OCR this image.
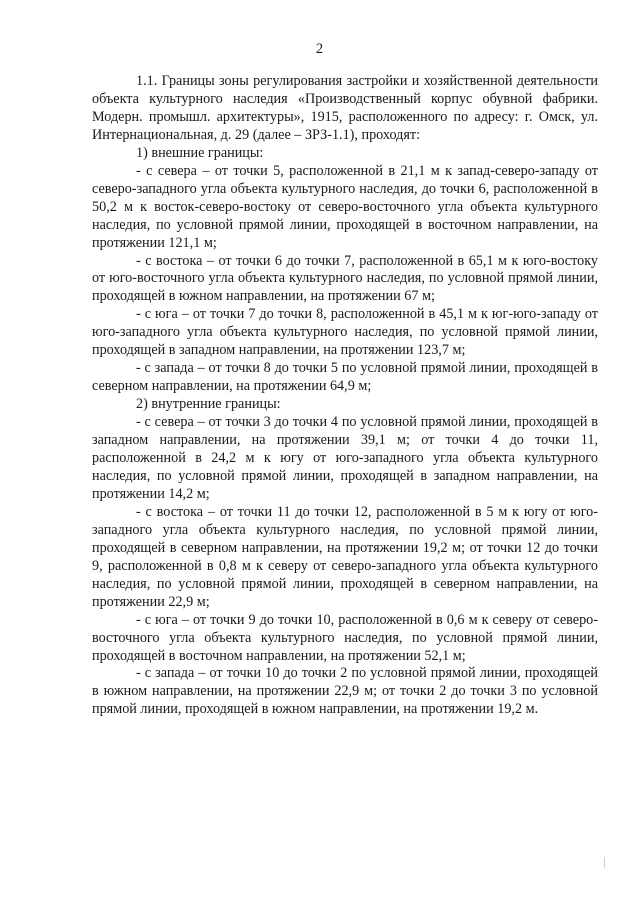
2

1.1. Границы зоны регулирования застройки и хозяйственной деятельности объекта культурного наследия «Производственный корпус обувной фабрики. Модерн. промышл. архитектуры», 1915, расположенного по адресу: г. Омск, ул. Интернациональная, д. 29 (далее – ЗРЗ-1.1), проходят:

1) внешние границы:

- с севера – от точки 5, расположенной в 21,1 м к запад-северо-западу от северо-западного угла объекта культурного наследия, до точки 6, расположенной в 50,2 м к восток-северо-востоку от северо-восточного угла объекта культурного наследия, по условной прямой линии, проходящей в восточном направлении, на протяжении 121,1 м;

- с востока – от точки 6 до точки 7, расположенной в 65,1 м к юго-востоку от юго-восточного угла объекта культурного наследия, по условной прямой линии, проходящей в южном направлении, на протяжении 67 м;

- с юга – от точки 7 до точки 8, расположенной в 45,1 м к юг-юго-западу от юго-западного угла объекта культурного наследия, по условной прямой линии, проходящей в западном направлении, на протяжении 123,7 м;

- с запада – от точки 8 до точки 5 по условной прямой линии, проходящей в северном направлении, на протяжении 64,9 м;

2) внутренние границы:

- с севера – от точки 3 до точки 4 по условной прямой линии, проходящей в западном направлении, на протяжении 39,1 м; от точки 4 до точки 11, расположенной в 24,2 м к югу от юго-западного угла объекта культурного наследия, по условной прямой линии, проходящей в западном направлении, на протяжении 14,2 м;

- с востока – от точки 11 до точки 12, расположенной в 5 м к югу от юго-западного угла объекта культурного наследия, по условной прямой линии, проходящей в северном направлении, на протяжении 19,2 м; от точки 12 до точки 9, расположенной в 0,8 м к северу от северо-западного угла объекта культурного наследия, по условной прямой линии, проходящей в северном направлении, на протяжении 22,9 м;

- с юга – от точки 9 до точки 10, расположенной в 0,6 м к северу от северо-восточного угла объекта культурного наследия, по условной прямой линии, проходящей в восточном направлении, на протяжении 52,1 м;

- с запада – от точки 10 до точки 2 по условной прямой линии, проходящей в южном направлении, на протяжении 22,9 м; от точки 2 до точки 3 по условной прямой линии, проходящей в южном направлении, на протяжении 19,2 м.
